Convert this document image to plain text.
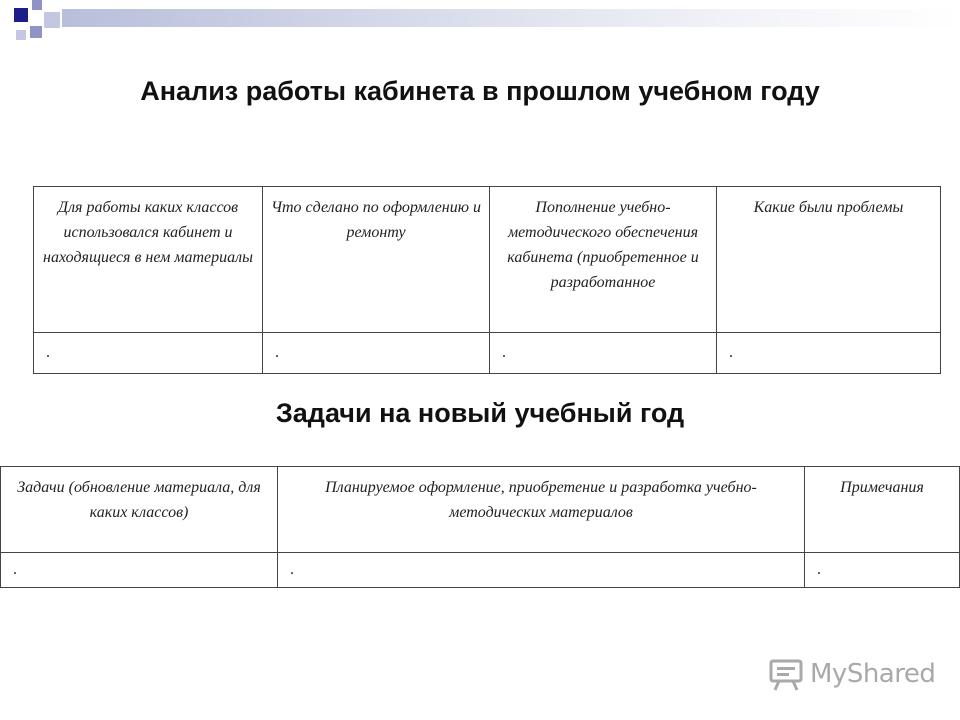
Анализ работы кабинета в прошлом учебном году
Для работы каких классов использовался кабинет и находящиеся в нем материалы	Что сделано по оформлению и ремонту	Пополнение учебно-методического обеспечения кабинета (приобретенное и разработанное	Какие были проблемы
.	.	.	.
Задачи на новый учебный год
Задачи (обновление материала, для каких классов)	Планируемое оформление, приобретение и разработка учебно-методических материалов	Примечания
.	.	.
MyShared
